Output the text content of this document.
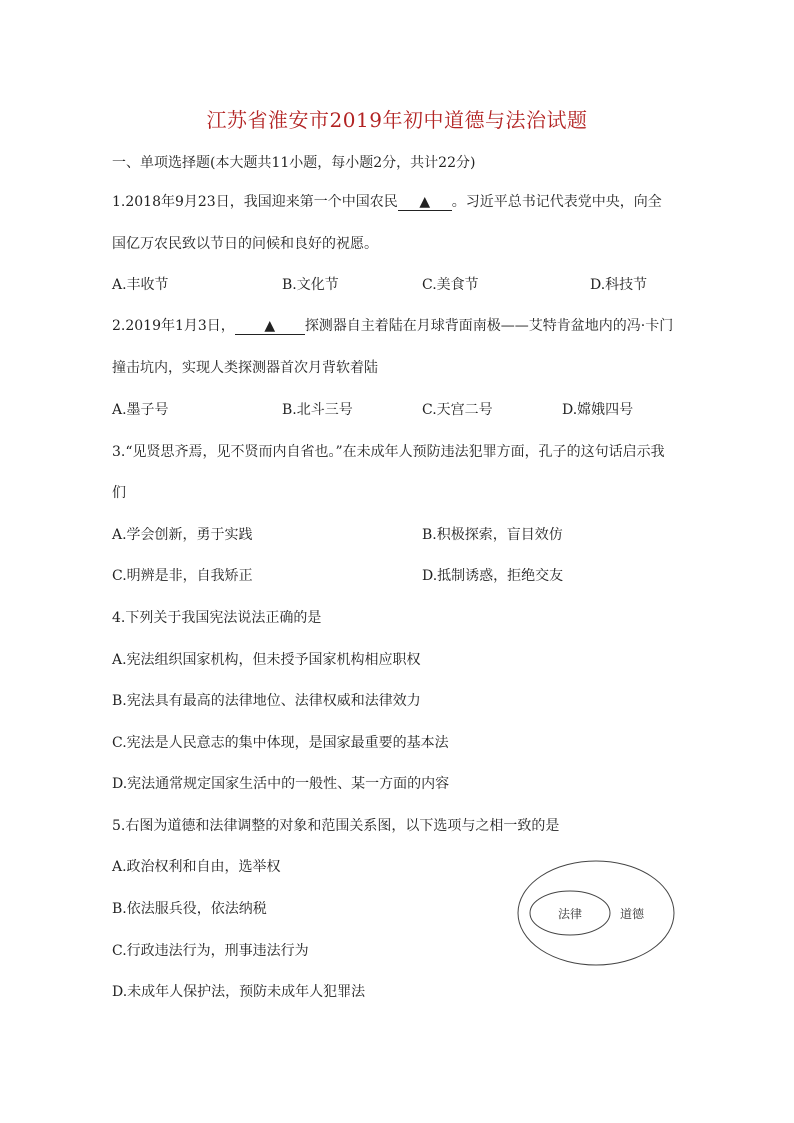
江苏省淮安市2019年初中道德与法治试题
一、单项选择题(本大题共11小题，每小题2分，共计22分)
1.2018年9月23日，我国迎来第一个中国农民 ▲ 。习近平总书记代表党中央，向全
国亿万农民致以节日的问候和良好的祝愿。
A.丰收节	B.文化节	C.美食节	D.科技节
2.2019年1月3日， ▲ 探测器自主着陆在月球背面南极——艾特肯盆地内的冯·卡门
撞击坑内，实现人类探测器首次月背软着陆
A.墨子号	B.北斗三号	C.天宫二号	D.嫦娥四号
3.“见贤思齐焉，见不贤而内自省也。”在未成年人预防违法犯罪方面，孔子的这句话启示我
们
A.学会创新，勇于实践	B.积极探索，盲目效仿
C.明辨是非，自我矫正	D.抵制诱惑，拒绝交友
4.下列关于我国宪法说法正确的是
A.宪法组织国家机构，但未授予国家机构相应职权
B.宪法具有最高的法律地位、法律权威和法律效力
C.宪法是人民意志的集中体现，是国家最重要的基本法
D.宪法通常规定国家生活中的一般性、某一方面的内容
5.右图为道德和法律调整的对象和范围关系图，以下选项与之相一致的是
A.政治权利和自由，选举权
B.依法服兵役，依法纳税
C.行政违法行为，刑事违法行为
D.未成年人保护法，预防未成年人犯罪法
法律	道德
